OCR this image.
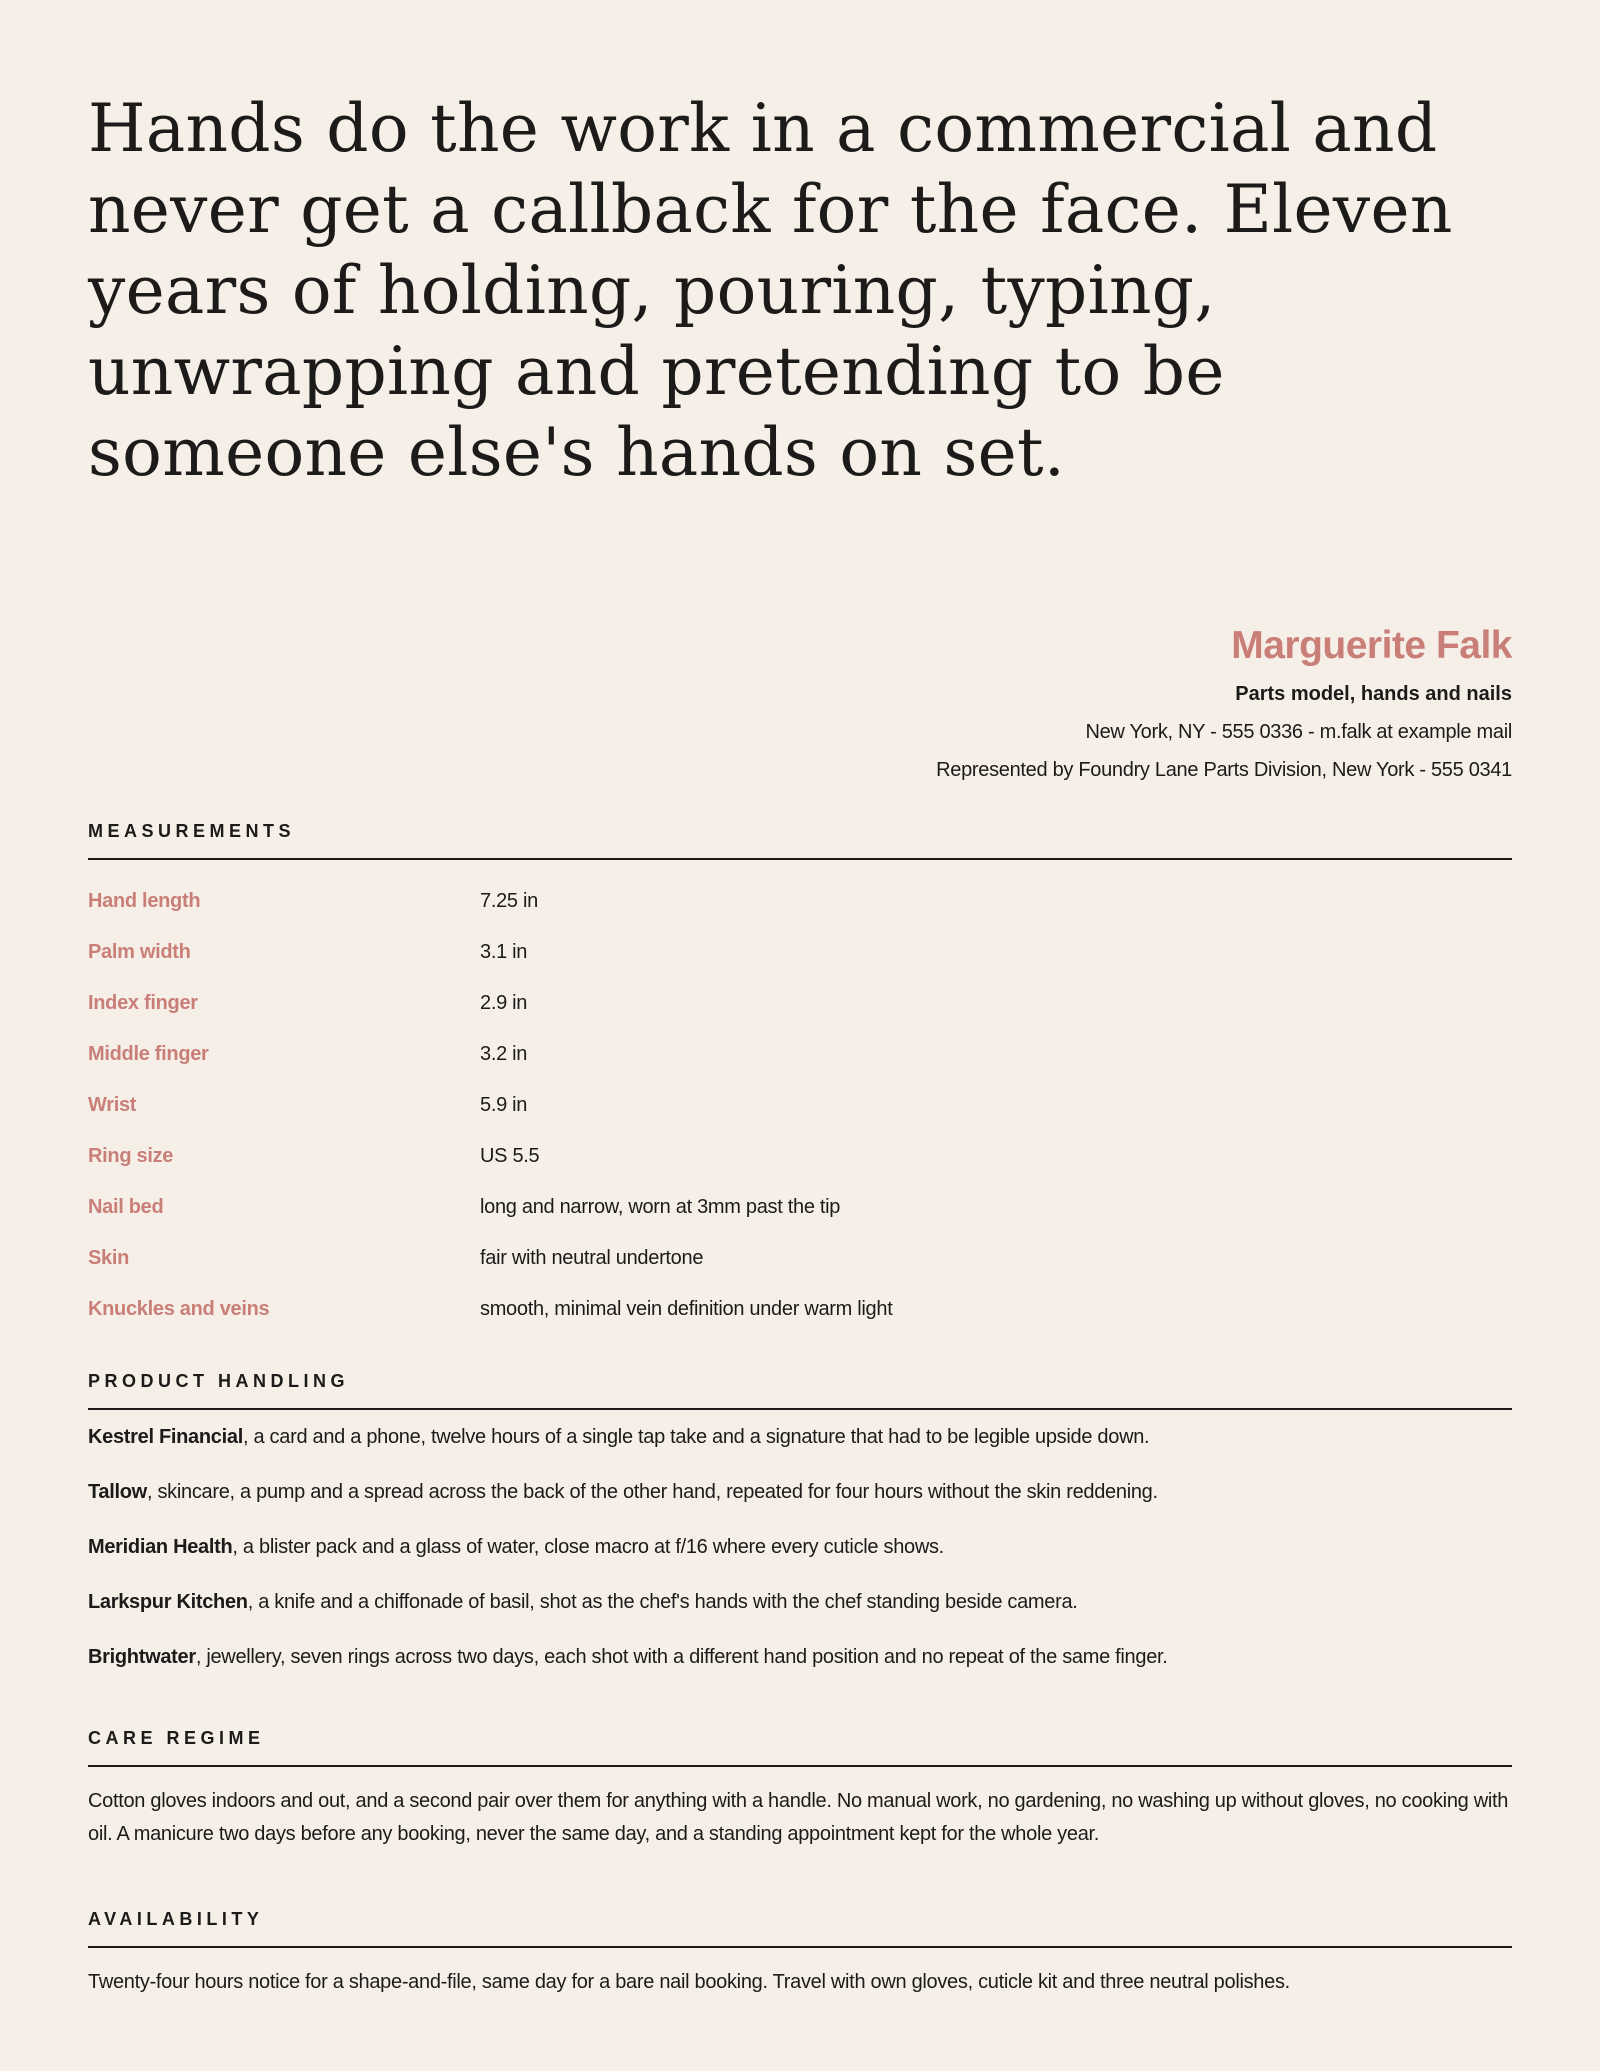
Hands do the work in a commercial and never get a callback for the face. Eleven years of holding, pouring, typing, unwrapping and pretending to be someone else's hands on set.
Marguerite Falk
Parts model, hands and nails
New York, NY - 555 0336 - m.falk at example mail
Represented by Foundry Lane Parts Division, New York - 555 0341
MEASUREMENTS
Hand length	7.25 in
Palm width	3.1 in
Index finger	2.9 in
Middle finger	3.2 in
Wrist	5.9 in
Ring size	US 5.5
Nail bed	long and narrow, worn at 3mm past the tip
Skin	fair with neutral undertone
Knuckles and veins	smooth, minimal vein definition under warm light
PRODUCT HANDLING

Kestrel Financial, a card and a phone, twelve hours of a single tap take and a signature that had to be legible upside down.

Tallow, skincare, a pump and a spread across the back of the other hand, repeated for four hours without the skin reddening.

Meridian Health, a blister pack and a glass of water, close macro at f/16 where every cuticle shows.

Larkspur Kitchen, a knife and a chiffonade of basil, shot as the chef's hands with the chef standing beside camera.

Brightwater, jewellery, seven rings across two days, each shot with a different hand position and no repeat of the same finger.

CARE REGIME

Cotton gloves indoors and out, and a second pair over them for anything with a handle. No manual work, no gardening, no washing up without gloves, no cooking with oil. A manicure two days before any booking, never the same day, and a standing appointment kept for the whole year.

AVAILABILITY

Twenty-four hours notice for a shape-and-file, same day for a bare nail booking. Travel with own gloves, cuticle kit and three neutral polishes.
